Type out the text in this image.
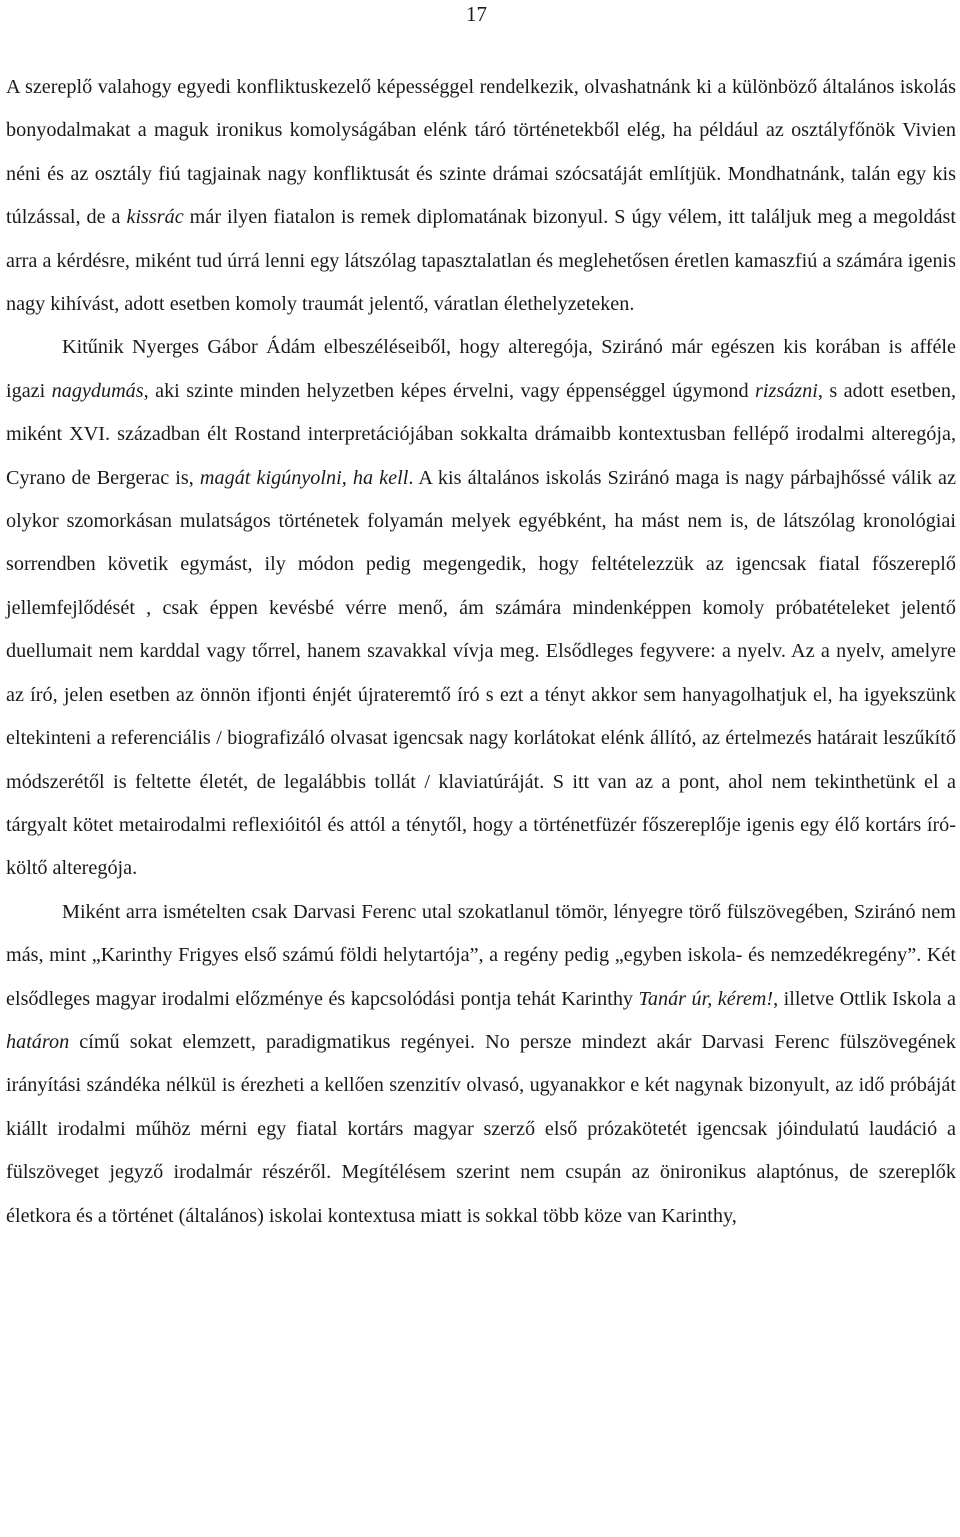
17

A szereplő valahogy egyedi konfliktuskezelő képességgel rendelkezik, olvashatnánk ki a különböző általános iskolás bonyodalmakat a maguk ironikus komolyságában elénk táró történetekből elég, ha például az osztályfőnök Vivien néni és az osztály fiú tagjainak nagy konfliktusát és szinte drámai szócsatáját említjük. Mondhatnánk, talán egy kis túlzással, de a kissrác már ilyen fiatalon is remek diplomatának bizonyul. S úgy vélem, itt találjuk meg a megoldást arra a kérdésre, miként tud úrrá lenni egy látszólag tapasztalatlan és meglehetősen éretlen kamaszfiú a számára igenis nagy kihívást, adott esetben komoly traumát jelentő, váratlan élethelyzeteken.

Kitűnik Nyerges Gábor Ádám elbeszéléseiből, hogy alteregója, Sziránó már egészen kis korában is afféle igazi nagydumás, aki szinte minden helyzetben képes érvelni, vagy éppenséggel úgymond rizsázni, s adott esetben, miként XVI. században élt Rostand interpretációjában sokkalta drámaibb kontextusban fellépő irodalmi alteregója, Cyrano de Bergerac is, magát kigúnyolni, ha kell. A kis általános iskolás Sziránó maga is nagy párbajhőssé válik az olykor szomorkásan mulatságos történetek folyamán melyek egyébként, ha mást nem is, de látszólag kronológiai sorrendben követik egymást, ily módon pedig megengedik, hogy feltételezzük az igencsak fiatal főszereplő jellemfejlődését , csak éppen kevésbé vérre menő, ám számára mindenképpen komoly próbatételeket jelentő duellumait nem karddal vagy tőrrel, hanem szavakkal vívja meg. Elsődleges fegyvere: a nyelv. Az a nyelv, amelyre az író, jelen esetben az önnön ifjonti énjét újrateremtő író s ezt a tényt akkor sem hanyagolhatjuk el, ha igyekszünk eltekinteni a referenciális / biografizáló olvasat igencsak nagy korlátokat elénk állító, az értelmezés határait leszűkítő módszerétől is feltette életét, de legalábbis tollát / klaviatúráját. S itt van az a pont, ahol nem tekinthetünk el a tárgyalt kötet metairodalmi reflexióitól és attól a ténytől, hogy a történetfüzér főszereplője igenis egy élő kortárs író-költő alteregója.

Miként arra ismételten csak Darvasi Ferenc utal szokatlanul tömör, lényegre törő fülszövegében, Sziránó nem más, mint „Karinthy Frigyes első számú földi helytartója”, a regény pedig „egyben iskola- és nemzedékregény”. Két elsődleges magyar irodalmi előzménye és kapcsolódási pontja tehát Karinthy Tanár úr, kérem!, illetve Ottlik Iskola a határon című sokat elemzett, paradigmatikus regényei. No persze mindezt akár Darvasi Ferenc fülszövegének irányítási szándéka nélkül is érezheti a kellően szenzitív olvasó, ugyanakkor e két nagynak bizonyult, az idő próbáját kiállt irodalmi műhöz mérni egy fiatal kortárs magyar szerző első prózakötetét igencsak jóindulatú laudáció a fülszöveget jegyző irodalmár részéről. Megítélésem szerint nem csupán az önironikus alaptónus, de szereplők életkora és a történet (általános) iskolai kontextusa miatt is sokkal több köze van Karinthy,
